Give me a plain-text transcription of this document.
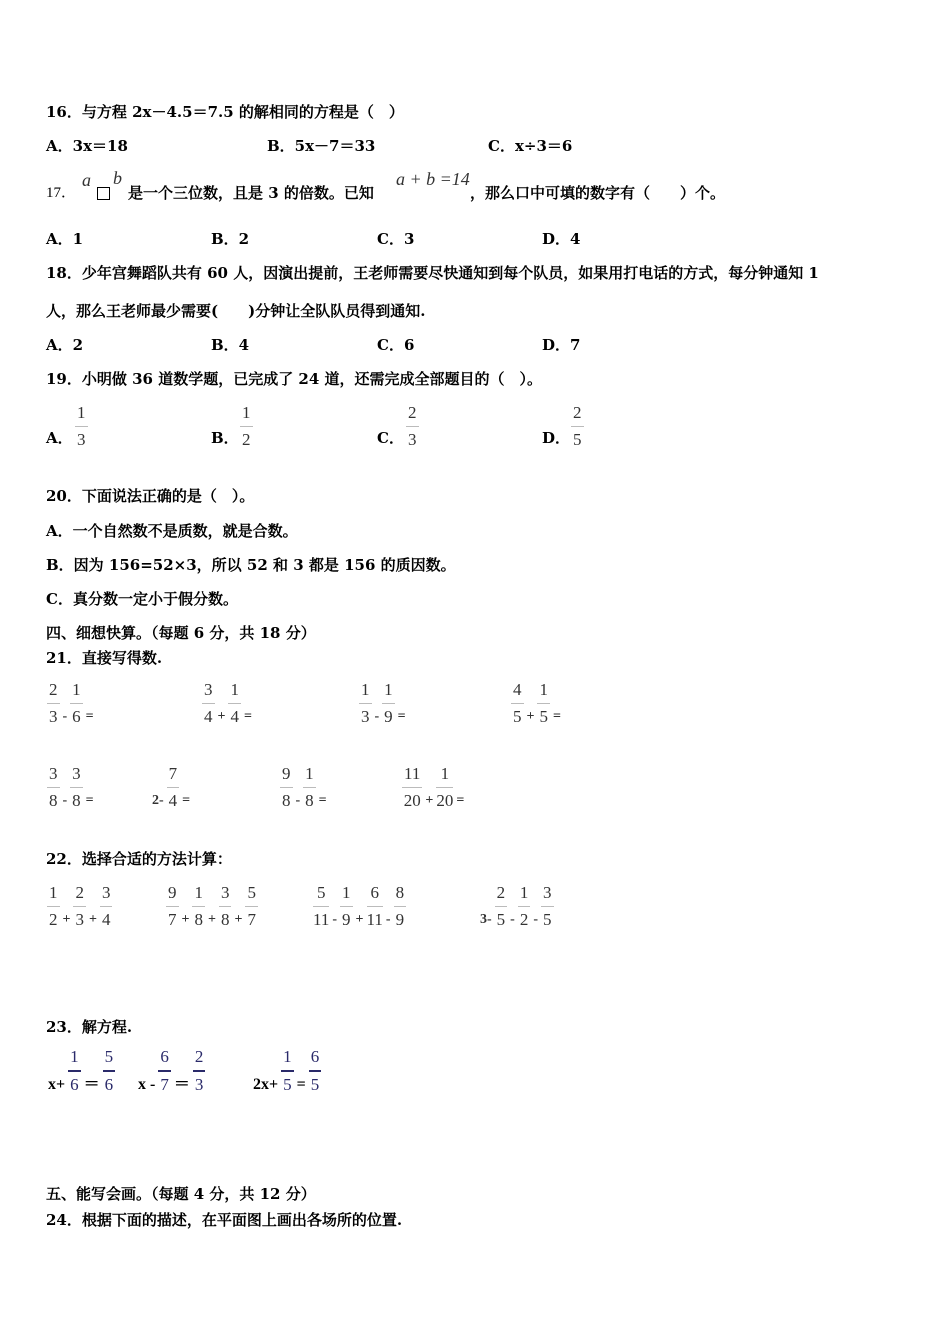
16．与方程 2x－4.5＝7.5 的解相同的方程是（　）
A．3x＝18	B．5x－7＝33	C．x÷3＝6
17．
a b
是一个三位数，且是 3 的倍数。已知
a + b =14
，那么口中可填的数字有（　　）个。
A．1	B．2	C．3	D．4
18．少年宫舞蹈队共有 60 人，因演出提前，王老师需要尽快通知到每个队员，如果用打电话的方式，每分钟通知 1
人，那么王老师最少需要(　　)分钟让全队队员得到通知.
A．2	B．4	C．6	D．7
19．小明做 36 道数学题，已完成了 24 道，还需完成全部题目的（　）。
A． $\frac{1}{3}$	B． $\frac{1}{2}$	C． $\frac{2}{3}$	D． $\frac{2}{5}$
20．下面说法正确的是（　）。
A．一个自然数不是质数，就是合数。
B．因为 156=52×3，所以 52 和 3 都是 156 的质因数。
C．真分数一定小于假分数。
四、细想快算。（每题 6 分，共 18 分）
21．直接写得数.
$\frac{2}{3} - \frac{1}{6}$ =	$\frac{3}{4} + \frac{1}{4}$ =	$\frac{1}{3} - \frac{1}{9}$ =	$\frac{4}{5} + \frac{1}{5}$ =
$\frac{3}{8} - \frac{3}{8}$ =	$2- \frac{7}{4}$ =	$\frac{9}{8} - \frac{1}{8}$ =	$\frac{11}{20} + \frac{1}{20}$ =
22．选择合适的方法计算：
$\frac{1}{2} + \frac{2}{3} + \frac{3}{4}$	$\frac{9}{7} + \frac{1}{8} + \frac{3}{8} + \frac{5}{7}$	$\frac{5}{11} - \frac{1}{9} + \frac{6}{11} - \frac{8}{9}$	$3- \frac{2}{5} - \frac{1}{2} - \frac{3}{5}$
23．解方程.
$x+ \frac{1}{6} = \frac{5}{6}$ $x - \frac{6}{7} = \frac{2}{3}$	$2x+ \frac{1}{5} = \frac{6}{5}$
五、能写会画。（每题 4 分，共 12 分）
24．根据下面的描述，在平面图上画出各场所的位置.
